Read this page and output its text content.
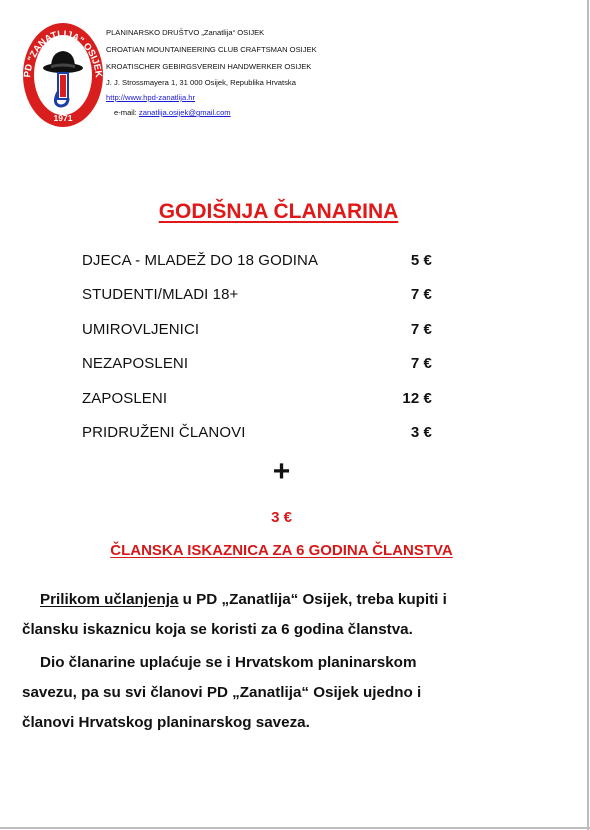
PD "ZANATLIJA" OSIJEK
1971
PLANINARSKO DRUŠTVO „Zanatlija“ OSIJEK
CROATIAN MOUNTAINEERING CLUB CRAFTSMAN OSIJEK
KROATISCHER GEBIRGSVEREIN HANDWERKER OSIJEK
J. J. Strossmayera 1, 31 000 Osijek, Republika Hrvatska
http://www.hpd-zanatlija.hr
e-mail: zanatlija.osijek@gmail.com
GODIŠNJA ČLANARINA
DJECA - MLADEŽ DO 18 GODINA	5 €
STUDENTI/MLADI 18+	7 €
UMIROVLJENICI	7 €
NEZAPOSLENI	7 €
ZAPOSLENI	12 €
PRIDRUŽENI ČLANOVI	3 €
+
3 €
ČLANSKA ISKAZNICA ZA 6 GODINA ČLANSTVA
Prilikom učlanjenja u PD „Zanatlija“ Osijek, treba kupiti i
člansku iskaznicu koja se koristi za 6 godina članstva.
Dio članarine uplaćuje se i Hrvatskom planinarskom
savezu, pa su svi članovi PD „Zanatlija“ Osijek ujedno i
članovi Hrvatskog planinarskog saveza.
